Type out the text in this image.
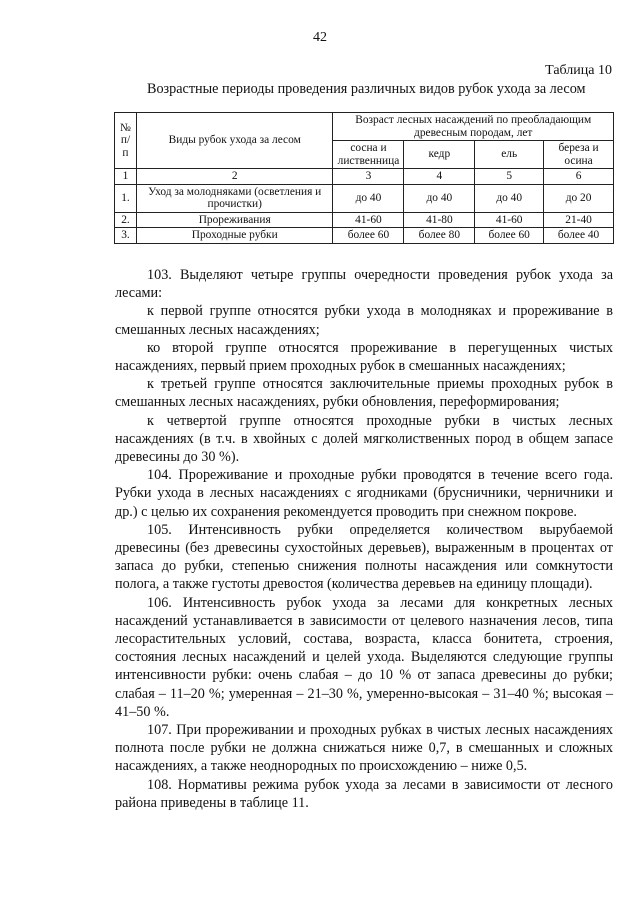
42
Таблица 10
Возрастные периоды проведения различных видов рубок ухода за лесом
№ п/ п	Виды рубок ухода за лесом	Возраст лесных насаждений по преобладающим древесным породам, лет			
		сосна и лиственница	кедр	ель	береза и осина
1	2	3	4	5	6
1.	Уход за молодняками (осветления и прочистки)	до 40	до 40	до 40	до 20
2.	Прореживания	41-60	41-80	41-60	21-40
3.	Проходные рубки	более 60	более 80	более 60	более 40

103. Выделяют четыре группы очередности проведения рубок ухода за лесами:

к первой группе относятся рубки ухода в молодняках и прореживание в смешанных лесных насаждениях;

ко второй группе относятся прореживание в перегущенных чистых насаждениях, первый прием проходных рубок в смешанных насаждениях;

к третьей группе относятся заключительные приемы проходных рубок в смешанных лесных насаждениях, рубки обновления, переформирования;

к четвертой группе относятся проходные рубки в чистых лесных насаждениях (в т.ч. в хвойных с долей мягколиственных пород в общем запасе древесины до 30 %).

104. Прореживание и проходные рубки проводятся в течение всего года. Рубки ухода в лесных насаждениях с ягодниками (брусничники, черничники и др.) с целью их сохранения рекомендуется проводить при снежном покрове.

105. Интенсивность рубки определяется количеством вырубаемой древесины (без древесины сухостойных деревьев), выраженным в процентах от запаса до рубки, степенью снижения полноты насаждения или сомкнутости полога, а также густоты древостоя (количества деревьев на единицу площади).

106. Интенсивность рубок ухода за лесами для конкретных лесных насаждений устанавливается в зависимости от целевого назначения лесов, типа лесорастительных условий, состава, возраста, класса бонитета, строения, состояния лесных насаждений и целей ухода. Выделяются следующие группы интенсивности рубки: очень слабая – до 10 % от запаса древесины до рубки; слабая – 11–20 %; умеренная – 21–30 %, умеренно-высокая – 31–40 %; высокая – 41–50 %.

107. При прореживании и проходных рубках в чистых лесных насаждениях полнота после рубки не должна снижаться ниже 0,7, в смешанных и сложных насаждениях, а также неоднородных по происхождению – ниже 0,5.

108. Нормативы режима рубок ухода за лесами в зависимости от лесного района приведены в таблице 11.
